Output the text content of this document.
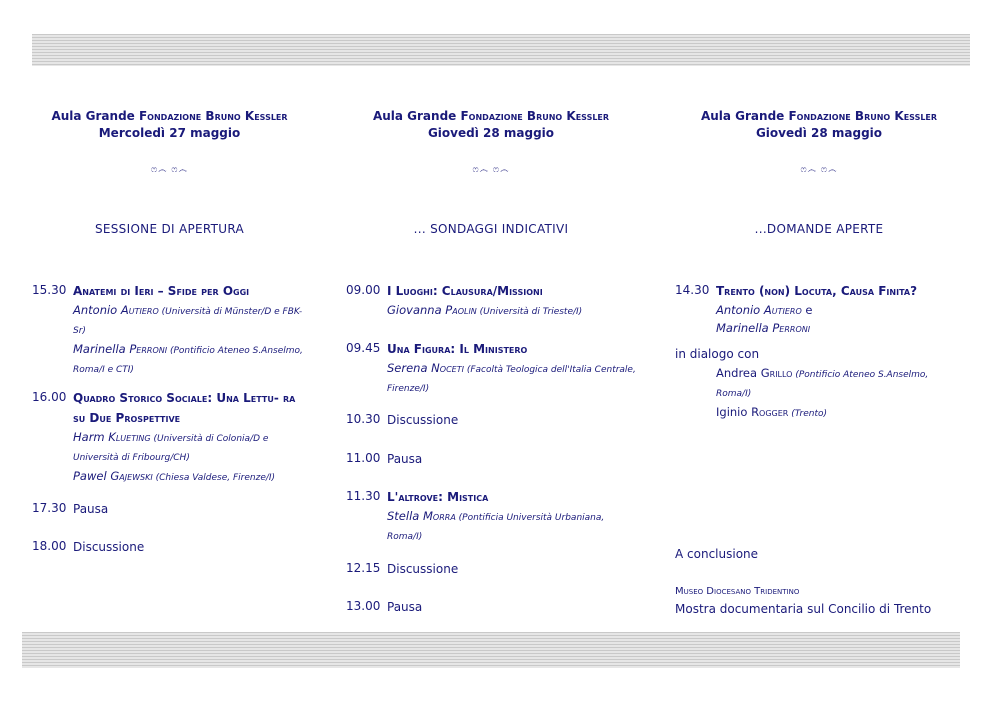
Aula Grande Fondazione Bruno Kessler
Mercoledì 27 maggio
ෆ෴ ෆ෴
SESSIONE DI APERTURA
15.30 Anatemi di Ieri – Sfide per Oggi
Antonio Autiero (Università di Münster/D e FBK-Sr)
Marinella Perroni (Pontificio Ateneo S.Anselmo, Roma/I e CTI)
16.00 Quadro Storico Sociale: Una Lettu- ra su Due Prospettive
Harm Klueting (Università di Colonia/D e Università di Fribourg/CH)
Pawel Gajewski (Chiesa Valdese, Firenze/I)
17.30 Pausa
18.00 Discussione
Aula Grande Fondazione Bruno Kessler
Giovedì 28 maggio
ෆ෴ ෆ෴
... SONDAGGI INDICATIVI
09.00 I Luoghi: Clausura/Missioni
Giovanna Paolin (Università di Trieste/I)
09.45 Una Figura: Il Ministero
Serena Noceti (Facoltà Teologica dell'Italia Centrale, Firenze/I)
10.30 Discussione
11.00 Pausa
11.30 L'altrove: Mistica
Stella Morra (Pontificia Università Urbaniana, Roma/I)
12.15 Discussione
13.00 Pausa
Aula Grande Fondazione Bruno Kessler
Giovedì 28 maggio
ෆ෴ ෆ෴
...DOMANDE APERTE
14.30 Trento (non) Locuta, Causa Finita?
Antonio Autiero e
Marinella Perroni
in dialogo con
Andrea Grillo (Pontificio Ateneo S.Anselmo, Roma/I)
Iginio Rogger (Trento)
A conclusione
Museo Diocesano Tridentino
Mostra documentaria sul Concilio di Trento
